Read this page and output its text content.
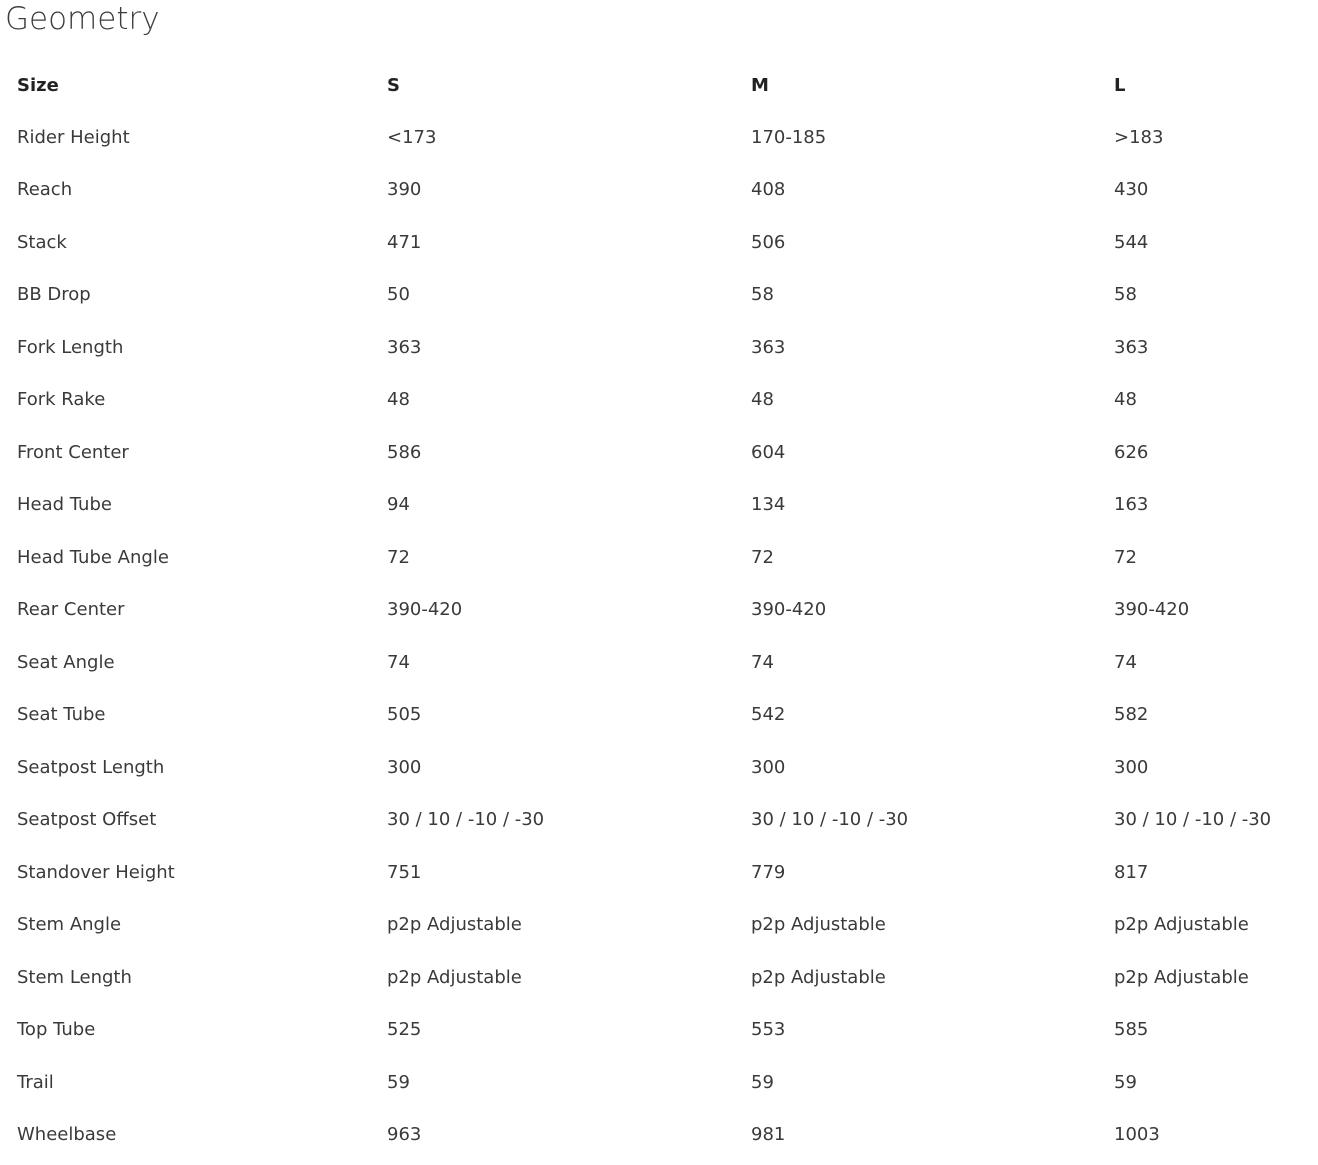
Geometry
Size	S	M	L
Rider Height	<173	170-185	>183
Reach	390	408	430
Stack	471	506	544
BB Drop	50	58	58
Fork Length	363	363	363
Fork Rake	48	48	48
Front Center	586	604	626
Head Tube	94	134	163
Head Tube Angle	72	72	72
Rear Center	390-420	390-420	390-420
Seat Angle	74	74	74
Seat Tube	505	542	582
Seatpost Length	300	300	300
Seatpost Offset	30 / 10 / -10 / -30	30 / 10 / -10 / -30	30 / 10 / -10 / -30
Standover Height	751	779	817
Stem Angle	p2p Adjustable	p2p Adjustable	p2p Adjustable
Stem Length	p2p Adjustable	p2p Adjustable	p2p Adjustable
Top Tube	525	553	585
Trail	59	59	59
Wheelbase	963	981	1003
